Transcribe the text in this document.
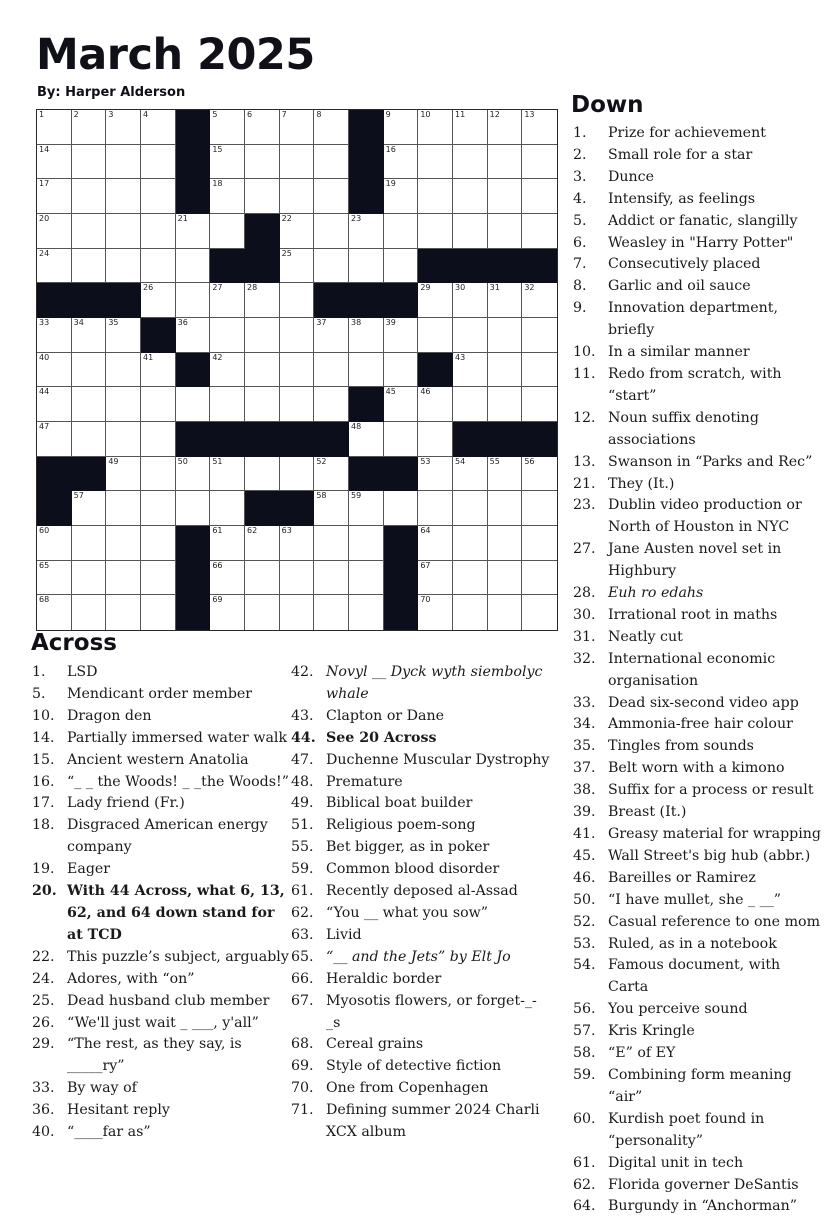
March 2025
By: Harper Alderson
1	2	3	4	5	6	7	8	9	10	11	12	13
14	15	16
17	18	19
20	21	22	23
24	25
26	27	28	29	30	31	32
33	34	35	36	37	38	39
40	41	42	43
44	45	46
47	48
49	50	51	52	53	54	55	56
57	58	59
60	61	62	63	64
65	66	67
68	69	70
Down
1.	Prize for achievement
2.	Small role for a star
3.	Dunce
4.	Intensify, as feelings
5.	Addict or fanatic, slangilly
6.	Weasley in "Harry Potter"
7.	Consecutively placed
8.	Garlic and oil sauce
9.	Innovation department, briefly
10. In a similar manner
11. Redo from scratch, with “start”
12. Noun suffix denoting associations
13. Swanson in “Parks and Rec”
21. They (It.)
23. Dublin video production or North of Houston in NYC
27. Jane Austen novel set in Highbury
28. Euh ro edahs
30. Irrational root in maths
31. Neatly cut
32. International economic organisation
33. Dead six-second video app
34. Ammonia-free hair colour
35. Tingles from sounds
37. Belt worn with a kimono
38. Suffix for a process or result
39. Breast (It.)
41. Greasy material for wrapping
45. Wall Street's big hub (abbr.)
46. Bareilles or Ramirez
50. “I have mullet, she _ __”
52. Casual reference to one mom
53. Ruled, as in a notebook
54. Famous document, with Carta
56. You perceive sound
57. Kris Kringle
58. “E” of EY
59. Combining form meaning “air”
60. Kurdish poet found in “personality”
61. Digital unit in tech
62. Florida governer DeSantis
64. Burgundy in “Anchorman”
Across
1.	LSD
5.	Mendicant order member
10. Dragon den
14. Partially immersed water walk
15. Ancient western Anatolia
16. “_ _ the Woods! _ _the Woods!”
17. Lady friend (Fr.)
18. Disgraced American energy company
19. Eager
20. With 44 Across, what 6, 13, 62, and 64 down stand for at TCD
22. This puzzle’s subject, arguably
24. Adores, with “on”
25. Dead husband club member
26. “We'll just wait _ ___, y'all”
29. “The rest, as they say, is _____ry”
33. By way of
36. Hesitant reply
40. “____far as”
42. Novyl __ Dyck wyth siembolyc whale
43. Clapton or Dane
44. See 20 Across
47. Duchenne Muscular Dystrophy
48. Premature
49. Biblical boat builder
51. Religious poem-song
55. Bet bigger, as in poker
59. Common blood disorder
61. Recently deposed al-Assad
62. “You __ what you sow”
63. Livid
65. “__ and the Jets” by Elt Jo
66. Heraldic border
67. Myosotis flowers, or forget-_-_s
68. Cereal grains
69. Style of detective fiction
70. One from Copenhagen
71. Defining summer 2024 Charli XCX album
